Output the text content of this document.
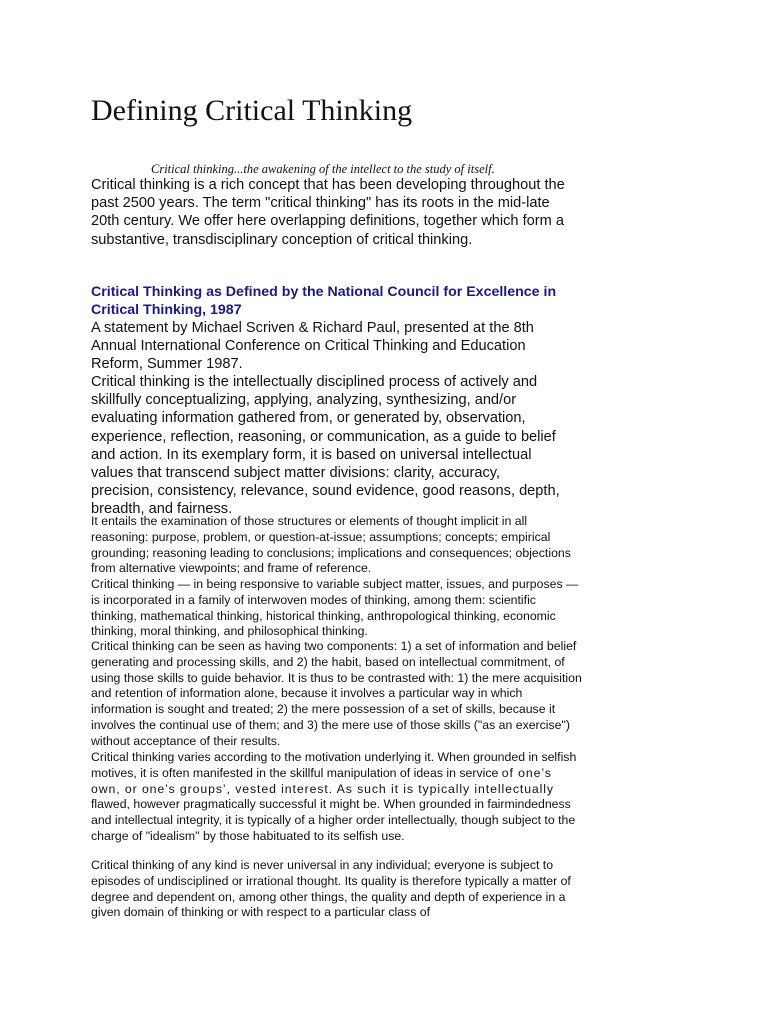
Defining Critical Thinking

Critical thinking...the awakening of the intellect to the study of itself.

Critical thinking is a rich concept that has been developing throughout the past 2500 years. The term "critical thinking" has its roots in the mid-late 20th century. We offer here overlapping definitions, together which form a substantive, transdisciplinary conception of critical thinking.

Critical Thinking as Defined by the National Council for Excellence in Critical Thinking, 1987

A statement by Michael Scriven & Richard Paul, presented at the 8th Annual International Conference on Critical Thinking and Education Reform, Summer 1987.

Critical thinking is the intellectually disciplined process of actively and skillfully conceptualizing, applying, analyzing, synthesizing, and/or evaluating information gathered from, or generated by, observation, experience, reflection, reasoning, or communication, as a guide to belief and action. In its exemplary form, it is based on universal intellectual values that transcend subject matter divisions: clarity, accuracy, precision, consistency, relevance, sound evidence, good reasons, depth, breadth, and fairness.

It entails the examination of those structures or elements of thought implicit in all reasoning: purpose, problem, or question-at-issue; assumptions; concepts; empirical grounding; reasoning leading to conclusions; implications and consequences; objections from alternative viewpoints; and frame of reference.

Critical thinking — in being responsive to variable subject matter, issues, and purposes — is incorporated in a family of interwoven modes of thinking, among them: scientific thinking, mathematical thinking, historical thinking, anthropological thinking, economic thinking, moral thinking, and philosophical thinking.

Critical thinking can be seen as having two components: 1) a set of information and belief generating and processing skills, and 2) the habit, based on intellectual commitment, of using those skills to guide behavior. It is thus to be contrasted with: 1) the mere acquisition and retention of information alone, because it involves a particular way in which information is sought and treated; 2) the mere possession of a set of skills, because it involves the continual use of them; and 3) the mere use of those skills ("as an exercise") without acceptance of their results.

Critical thinking varies according to the motivation underlying it. When grounded in selfish motives, it is often manifested in the skillful manipulation of ideas in service of one’s own, or one’s groups’, vested interest. As such it is typically intellectually flawed, however pragmatically successful it might be. When grounded in fairmindedness and intellectual integrity, it is typically of a higher order intellectually, though subject to the charge of "idealism" by those habituated to its selfish use.

Critical thinking of any kind is never universal in any individual; everyone is subject to episodes of undisciplined or irrational thought. Its quality is therefore typically a matter of degree and dependent on, among other things, the quality and depth of experience in a given domain of thinking or with respect to a particular class of
